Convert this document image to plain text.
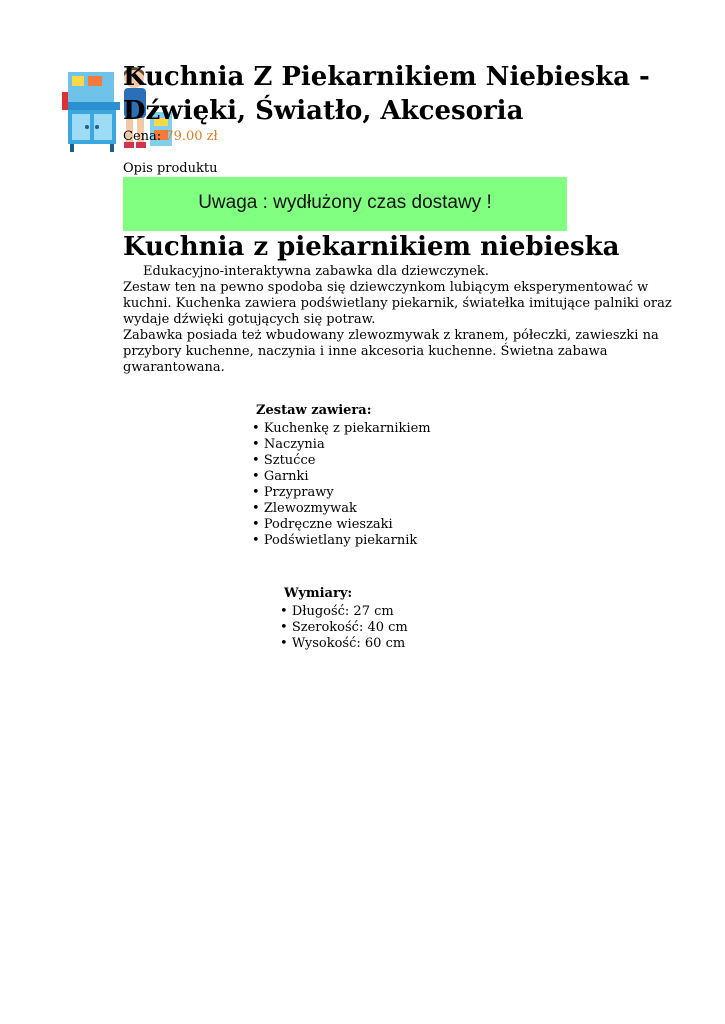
Kuchnia Z Piekarnikiem Niebieska - Dźwięki, Światło, Akcesoria
Cena: 79.00 zł
Opis produktu
Uwaga : wydłużony czas dostawy !
Kuchnia z piekarnikiem niebieska

Edukacyjno-interaktywna zabawka dla dziewczynek.

Zestaw ten na pewno spodoba się dziewczynkom lubiącym eksperymentować w kuchni. Kuchenka zawiera podświetlany piekarnik, światełka imitujące palniki oraz wydaje dźwięki gotujących się potraw.

Zabawka posiada też wbudowany zlewozmywak z kranem, półeczki, zawieszki na przybory kuchenne, naczynia i inne akcesoria kuchenne. Świetna zabawa gwarantowana.

Zestaw zawiera:
• Kuchenkę z piekarnikiem
• Naczynia
• Sztućce
• Garnki
• Przyprawy
• Zlewozmywak
• Podręczne wieszaki
• Podświetlany piekarnik
Wymiary:
• Długość: 27 cm
• Szerokość: 40 cm
• Wysokość: 60 cm
